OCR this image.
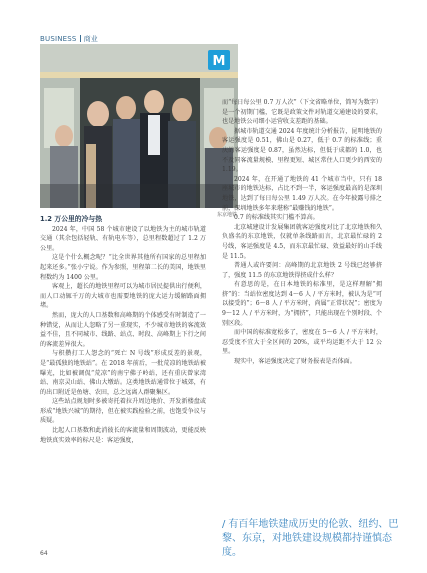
BUSINESS 商业
M
东京地铁

1.2 万公里的冷与热

2024 年，中国 58 个城市建设了以地铁为主的城市轨道交通（其余包括轻轨、有轨电车等），总里程数超过了 1.2 万公里。

这是个什么概念呢？“比全世界其他所有国家的总里程加起来还多。”张小宁说。作为参照，里程第二长的美国，地铁里程数约为 1400 公里。

客观上，超长的地铁里程可以为城市居民提供出行便利，而人口动辄千万的大城市也需要地铁的庞大运力缓解路面拥堵。

然而，庞大的人口基数和高峰期的个体感受有时制造了一种错觉，从而让人忽略了另一重现实，不少城市地铁的客流效益不佳，且不同城市、线路、站点、时段、高峰期上下行之间的客流差异很大。

与积攒打工人怨念的“死亡 N 号线”形成反差的景观，是“最孤独的地铁站”。在 2018 年前后，一批荒凉的地铁站被曝光，比如被调侃“荒凉”的南宁佛子岭站，还有重庆曾家湾站、南京灵山站、佛山大墩站。这类地铁站通常位于城郊，有的出口附近是鱼塘、农田，总之远离人群聚集区。

这些站点规划时多被寄托着拉升周边地价、开发新楼盘或形成“地铁兴城”的期待，但在被实践检验之前，也饱受争议与质疑。

比起人口基数和此消彼长的客流量和周期波动，更能反映地铁真实效率的标尺是：客运强度，

而“每日每公里 0.7 万人次”（下文省略单位，简写为数字）是一个初期门槛，它既是政策文件对轨道交通建设的要求，也是地铁公司细小运营收支差距的基础。

据城市轨道交通 2024 年度统计分析报告，昆明地铁的客运强度是 0.51，佛山是 0.27，低于 0.7 的标准线；重庆的客运强度是 0.87，虽然达标，但低于成都的 1.0，也不及同客流量规模、里程更短、城区常住人口更少的西安的 1.19。

2024 年，在开通了地铁的 41 个城市当中，只有 18 座城市的地铁达标，占比不到一半，客运强度最高的是深圳地铁，达到了每日每公里 1.49 万人次。在今年披露号排之前，深圳地铁多年来堪称“最赚钱的地铁”。

0.7 的标准线其实门槛不算高。

北京城建设计发展集团就客运强度对比了北京地铁和久负盛名的东京地铁，仅就单条线路而言，北京最忙碌的 2 号线，客运强度是 4.5，而东京最忙碌、效益最好的山手线是 11.5。

普通人或许要问：高峰期的北京地铁 2 号线已经够挤了，强度 11.5 的东京地铁得挤成什么样？

有意思的是，在日本地铁的标准里，是这样理解“拥挤”的：当站位密度达到 4～6 人 / 平方米时，被认为是“可以接受的”；6～8 人 / 平方米时，尚属“正常状况”；密度为 9～12 人 / 平方米时，为“拥挤”，只能出现在个别时段、个别区段。

而中国的标准宽松多了，密度在 5～6 人 / 平方米时，忍受度不宜大于全区间的 20%，或平均运距不大于 12 公里。

现实中，客运强度决定了财务报表是否体面。

/ 有百年地铁建成历史的伦敦、纽约、巴黎、东京，对地铁建设规模都持谨慎态度。
64
